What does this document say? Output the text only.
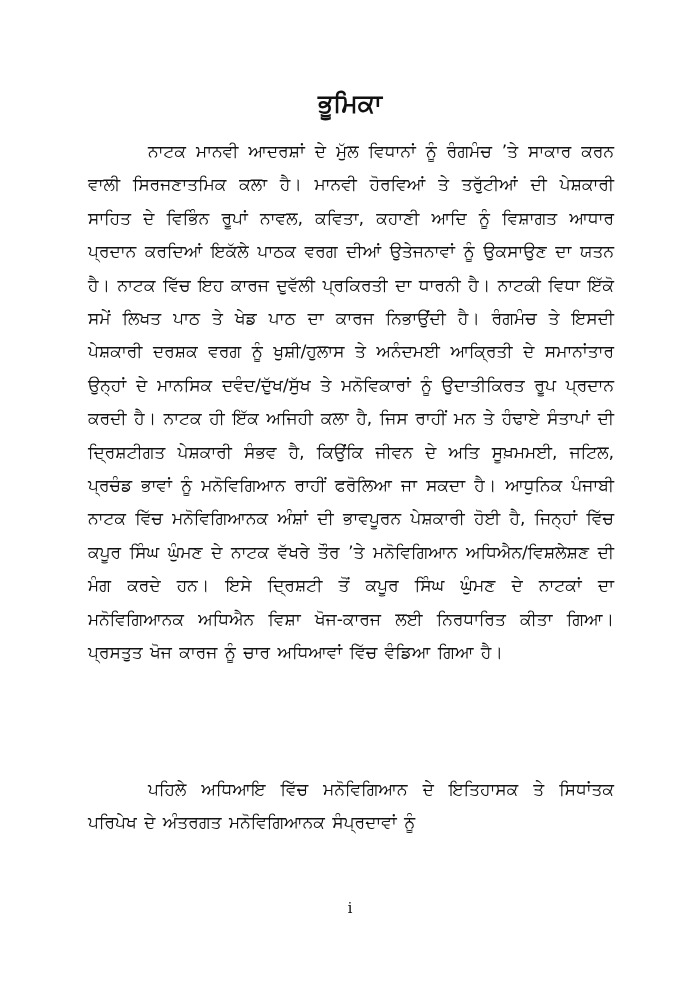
ਭੂਮਿਕਾ

ਨਾਟਕ ਮਾਨਵੀ ਆਦਰਸ਼ਾਂ ਦੇ ਮੁੱਲ ਵਿਧਾਨਾਂ ਨੂੰ ਰੰਗਮੰਚ ’ਤੇ ਸਾਕਾਰ ਕਰਨ ਵਾਲੀ ਸਿਰਜਣਾਤਮਿਕ ਕਲਾ ਹੈ। ਮਾਨਵੀ ਹੋਰਵਿਆਂ ਤੇ ਤਰੁੱਟੀਆਂ ਦੀ ਪੇਸ਼ਕਾਰੀ ਸਾਹਿਤ ਦੇ ਵਿਭਿੰਨ ਰੂਪਾਂ ਨਾਵਲ, ਕਵਿਤਾ, ਕਹਾਣੀ ਆਦਿ ਨੂੰ ਵਿਸ਼ਾਗਤ ਆਧਾਰ ਪ੍ਰਦਾਨ ਕਰਦਿਆਂ ਇਕੱਲੇ ਪਾਠਕ ਵਰਗ ਦੀਆਂ ਉਤੇਜਨਾਵਾਂ ਨੂੰ ਉਕਸਾਉਣ ਦਾ ਯਤਨ ਹੈ। ਨਾਟਕ ਵਿੱਚ ਇਹ ਕਾਰਜ ਦੁਵੱਲੀ ਪ੍ਰਕਿਰਤੀ ਦਾ ਧਾਰਨੀ ਹੈ। ਨਾਟਕੀ ਵਿਧਾ ਇੱਕੋ ਸਮੇਂ ਲਿਖਤ ਪਾਠ ਤੇ ਖੇਡ ਪਾਠ ਦਾ ਕਾਰਜ ਨਿਭਾਉਂਦੀ ਹੈ। ਰੰਗਮੰਚ ਤੇ ਇਸਦੀ ਪੇਸ਼ਕਾਰੀ ਦਰਸ਼ਕ ਵਰਗ ਨੂੰ ਖੁਸ਼ੀ/ਹੁਲਾਸ ਤੇ ਅਨੰਦਮਈ ਆਕ੍ਰਿਤੀ ਦੇ ਸਮਾਨਾਂਤਾਰ ਉਨ੍ਹਾਂ ਦੇ ਮਾਨਸਿਕ ਦਵੰਦ/ਦੁੱਖ/ਸੁੱਖ ਤੇ ਮਨੋਵਿਕਾਰਾਂ ਨੂੰ ਉਦਾਤੀਕਿਰਤ ਰੂਪ ਪ੍ਰਦਾਨ ਕਰਦੀ ਹੈ। ਨਾਟਕ ਹੀ ਇੱਕ ਅਜਿਹੀ ਕਲਾ ਹੈ, ਜਿਸ ਰਾਹੀਂ ਮਨ ਤੇ ਹੰਢਾਏ ਸੰਤਾਪਾਂ ਦੀ ਦ੍ਰਿਸ਼ਟੀਗਤ ਪੇਸ਼ਕਾਰੀ ਸੰਭਵ ਹੈ, ਕਿਉਂਕਿ ਜੀਵਨ ਦੇ ਅਤਿ ਸੂਖ਼ਮਮਈ, ਜਟਿਲ, ਪ੍ਰਚੰਡ ਭਾਵਾਂ ਨੂੰ ਮਨੋਵਿਗਿਆਨ ਰਾਹੀਂ ਫਰੋਲਿਆ ਜਾ ਸਕਦਾ ਹੈ। ਆਧੁਨਿਕ ਪੰਜਾਬੀ ਨਾਟਕ ਵਿੱਚ ਮਨੋਵਿਗਿਆਨਕ ਅੰਸ਼ਾਂ ਦੀ ਭਾਵਪੂਰਨ ਪੇਸ਼ਕਾਰੀ ਹੋਈ ਹੈ, ਜਿਨ੍ਹਾਂ ਵਿੱਚ ਕਪੂਰ ਸਿੰਘ ਘੁੰਮਣ ਦੇ ਨਾਟਕ ਵੱਖਰੇ ਤੌਰ ’ਤੇ ਮਨੋਵਿਗਿਆਨ ਅਧਿਐਨ/ਵਿਸ਼ਲੇਸ਼ਣ ਦੀ ਮੰਗ ਕਰਦੇ ਹਨ। ਇਸੇ ਦ੍ਰਿਸ਼ਟੀ ਤੋਂ ਕਪੂਰ ਸਿੰਘ ਘੁੰਮਣ ਦੇ ਨਾਟਕਾਂ ਦਾ ਮਨੋਵਿਗਿਆਨਕ ਅਧਿਐਨ ਵਿਸ਼ਾ ਖੋਜ-ਕਾਰਜ ਲਈ ਨਿਰਧਾਰਿਤ ਕੀਤਾ ਗਿਆ। ਪ੍ਰਸਤੁਤ ਖੋਜ ਕਾਰਜ ਨੂੰ ਚਾਰ ਅਧਿਆਵਾਂ ਵਿੱਚ ਵੰਡਿਆ ਗਿਆ ਹੈ।

ਪਹਿਲੇ ਅਧਿਆਇ ਵਿੱਚ ਮਨੋਵਿਗਿਆਨ ਦੇ ਇਤਿਹਾਸਕ ਤੇ ਸਿਧਾਂਤਕ ਪਰਿਪੇਖ ਦੇ ਅੰਤਰਗਤ ਮਨੋਵਿਗਿਆਨਕ ਸੰਪ੍ਰਦਾਵਾਂ ਨੂੰ

i
